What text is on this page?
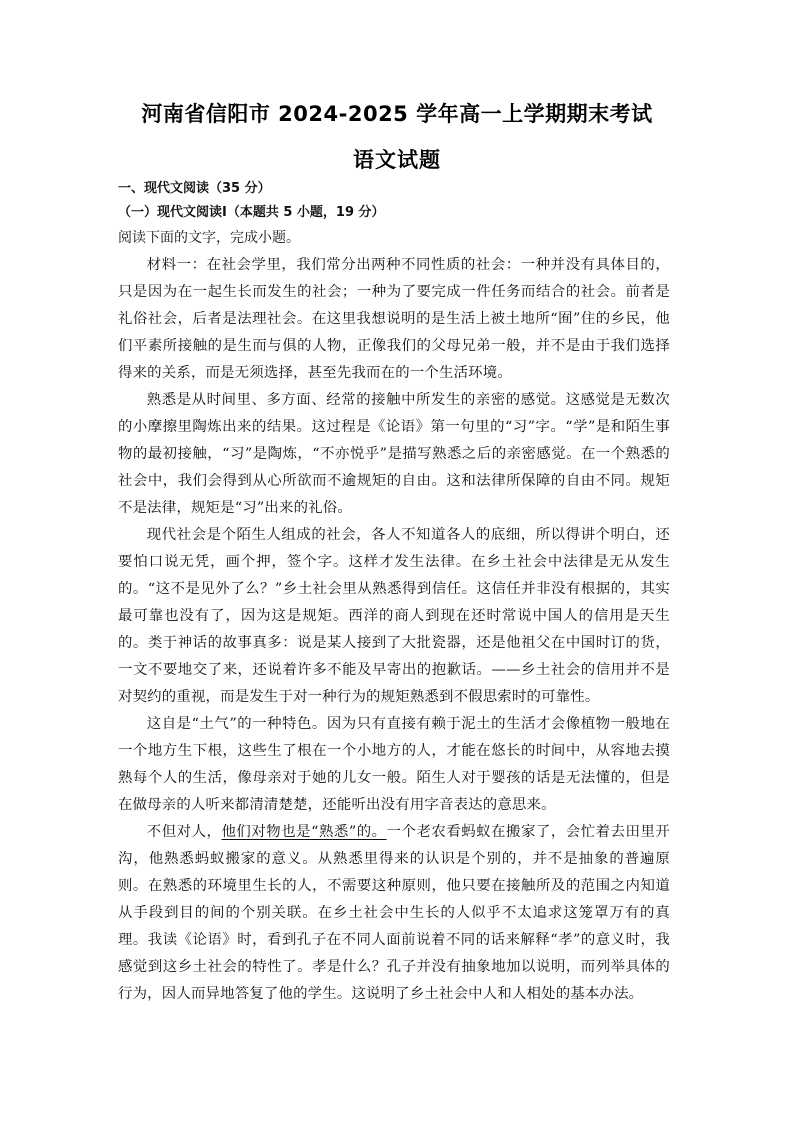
河南省信阳市 2024-2025 学年高一上学期期末考试
语文试题
一、现代文阅读（35 分）
（一）现代文阅读Ⅰ（本题共 5 小题，19 分）
阅读下面的文字，完成小题。

材料一：在社会学里，我们常分出两种不同性质的社会：一种并没有具体目的，只是因为在一起生长而发生的社会；一种为了要完成一件任务而结合的社会。前者是礼俗社会，后者是法理社会。在这里我想说明的是生活上被土地所“囿”住的乡民，他们平素所接触的是生而与俱的人物，正像我们的父母兄弟一般，并不是由于我们选择得来的关系，而是无须选择，甚至先我而在的一个生活环境。

熟悉是从时间里、多方面、经常的接触中所发生的亲密的感觉。这感觉是无数次的小摩擦里陶炼出来的结果。这过程是《论语》第一句里的“习”字。“学”是和陌生事物的最初接触，“习”是陶炼，“不亦悦乎”是描写熟悉之后的亲密感觉。在一个熟悉的社会中，我们会得到从心所欲而不逾规矩的自由。这和法律所保障的自由不同。规矩不是法律，规矩是“习”出来的礼俗。

现代社会是个陌生人组成的社会，各人不知道各人的底细，所以得讲个明白，还要怕口说无凭，画个押，签个字。这样才发生法律。在乡土社会中法律是无从发生的。“这不是见外了么？”乡土社会里从熟悉得到信任。这信任并非没有根据的，其实最可靠也没有了，因为这是规矩。西洋的商人到现在还时常说中国人的信用是天生的。类于神话的故事真多：说是某人接到了大批瓷器，还是他祖父在中国时订的货，一文不要地交了来，还说着许多不能及早寄出的抱歉话。——乡土社会的信用并不是对契约的重视，而是发生于对一种行为的规矩熟悉到不假思索时的可靠性。

这自是“土气”的一种特色。因为只有直接有赖于泥土的生活才会像植物一般地在一个地方生下根，这些生了根在一个小地方的人，才能在悠长的时间中，从容地去摸熟每个人的生活，像母亲对于她的儿女一般。陌生人对于婴孩的话是无法懂的，但是在做母亲的人听来都清清楚楚，还能听出没有用字音表达的意思来。

不但对人，他们对物也是“熟悉”的。一个老农看蚂蚁在搬家了，会忙着去田里开沟，他熟悉蚂蚁搬家的意义。从熟悉里得来的认识是个别的，并不是抽象的普遍原则。在熟悉的环境里生长的人，不需要这种原则，他只要在接触所及的范围之内知道从手段到目的间的个别关联。在乡土社会中生长的人似乎不太追求这笼罩万有的真理。我读《论语》时，看到孔子在不同人面前说着不同的话来解释“孝”的意义时，我感觉到这乡土社会的特性了。孝是什么？孔子并没有抽象地加以说明，而列举具体的行为，因人而异地答复了他的学生。这说明了乡土社会中人和人相处的基本办法。
